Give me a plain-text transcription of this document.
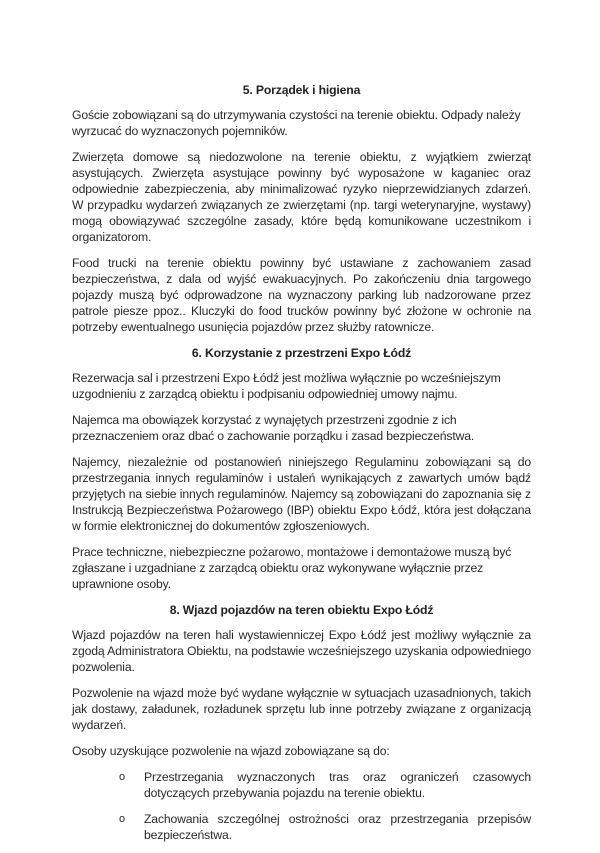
5. Porządek i higiena

Goście zobowiązani są do utrzymywania czystości na terenie obiektu. Odpady należy wyrzucać do wyznaczonych pojemników.

Zwierzęta domowe są niedozwolone na terenie obiektu, z wyjątkiem zwierząt asystujących. Zwierzęta asystujące powinny być wyposażone w kaganiec oraz odpowiednie zabezpieczenia, aby minimalizować ryzyko nieprzewidzianych zdarzeń. W przypadku wydarzeń związanych ze zwierzętami (np. targi weterynaryjne, wystawy) mogą obowiązywać szczególne zasady, które będą komunikowane uczestnikom i organizatorom.

Food trucki na terenie obiektu powinny być ustawiane z zachowaniem zasad bezpieczeństwa, z dala od wyjść ewakuacyjnych. Po zakończeniu dnia targowego pojazdy muszą być odprowadzone na wyznaczony parking lub nadzorowane przez patrole piesze ppoz.. Kluczyki do food trucków powinny być złożone w ochronie na potrzeby ewentualnego usunięcia pojazdów przez służby ratownicze.

6. Korzystanie z przestrzeni Expo Łódź

Rezerwacja sal i przestrzeni Expo Łódź jest możliwa wyłącznie po wcześniejszym uzgodnieniu z zarządcą obiektu i podpisaniu odpowiedniej umowy najmu.

Najemca ma obowiązek korzystać z wynajętych przestrzeni zgodnie z ich przeznaczeniem oraz dbać o zachowanie porządku i zasad bezpieczeństwa.

Najemcy, niezależnie od postanowień niniejszego Regulaminu zobowiązani są do przestrzegania innych regulaminów i ustaleń wynikających z zawartych umów bądź przyjętych na siebie innych regulaminów. Najemcy są zobowiązani do zapoznania się z Instrukcją Bezpieczeństwa Pożarowego (IBP) obiektu Expo Łódź, która jest dołączana w formie elektronicznej do dokumentów zgłoszeniowych.

Prace techniczne, niebezpieczne pożarowo, montażowe i demontażowe muszą być zgłaszane i uzgadniane z zarządcą obiektu oraz wykonywane wyłącznie przez uprawnione osoby.

8. Wjazd pojazdów na teren obiektu Expo Łódź

Wjazd pojazdów na teren hali wystawienniczej Expo Łódź jest możliwy wyłącznie za zgodą Administratora Obiektu, na podstawie wcześniejszego uzyskania odpowiedniego pozwolenia.

Pozwolenie na wjazd może być wydane wyłącznie w sytuacjach uzasadnionych, takich jak dostawy, załadunek, rozładunek sprzętu lub inne potrzeby związane z organizacją wydarzeń.

Osoby uzyskujące pozwolenie na wjazd zobowiązane są do:

o Przestrzegania wyznaczonych tras oraz ograniczeń czasowych dotyczących przebywania pojazdu na terenie obiektu.
o Zachowania szczególnej ostrożności oraz przestrzegania przepisów bezpieczeństwa.
